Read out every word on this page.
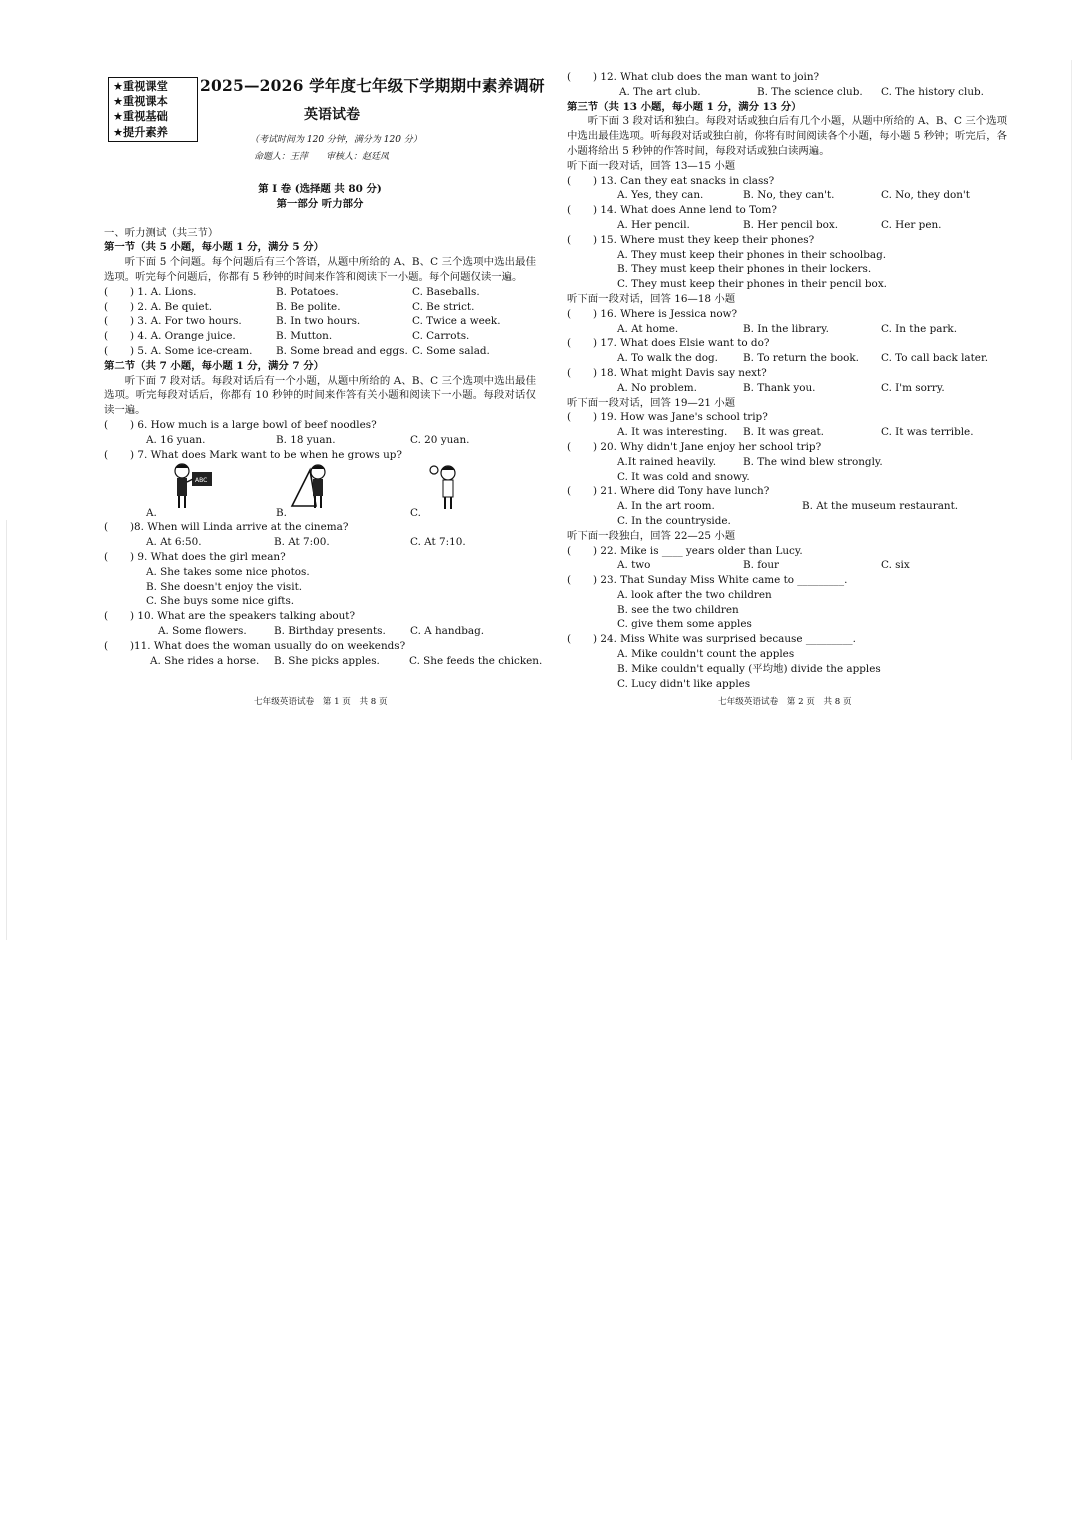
★重视课堂
★重视课本
★重视基础
★提升素养
2025—2026 学年度七年级下学期期中素养调研
英语试卷
（考试时间为 120 分钟，满分为 120 分）
命题人：王萍　　审核人：赵廷凤
第 I 卷 (选择题 共 80 分)
第一部分 听力部分
一、听力测试（共三节）
第一节（共 5 小题，每小题 1 分，满分 5 分）

听下面 5 个问题。每个问题后有三个答语，从题中所给的 A、B、C 三个选项中选出最佳选项。听完每个问题后，你都有 5 秒钟的时间来作答和阅读下一小题。每个问题仅读一遍。

( ) 1. A. Lions.	B. Potatoes.	C. Baseballs.
( ) 2. A. Be quiet.	B. Be polite.	C. Be strict.
( ) 3. A. For two hours.	B. In two hours.	C. Twice a week.
( ) 4. A. Orange juice.	B. Mutton.	C. Carrots.
( ) 5. A. Some ice-cream. B. Some bread and eggs. C. Some salad.
第二节（共 7 小题，每小题 1 分，满分 7 分）

听下面 7 段对话。每段对话后有一个小题，从题中所给的 A、B、C 三个选项中选出最佳选项。听完每段对话后，你都有 10 秒钟的时间来作答有关小题和阅读下一小题。每段对话仅读一遍。

( ) 6. How much is a large bowl of beef noodles?
A. 16 yuan.	B. 18 yuan.	C. 20 yuan.
( ) 7. What does Mark want to be when he grows up?
A.
ABC
B.	C.
( )8. When will Linda arrive at the cinema?
A. At 6:50.	B. At 7:00.	C. At 7:10.
( ) 9. What does the girl mean?
A. She takes some nice photos.
B. She doesn't enjoy the visit.
C. She buys some nice gifts.
( ) 10. What are the speakers talking about?
A. Some flowers.	B. Birthday presents. C. A handbag.
( )11. What does the woman usually do on weekends?
A. She rides a horse. B. She picks apples.	C. She feeds the chicken.
七年级英语试卷　第 1 页　共 8 页
( ) 12. What club does the man want to join?
A. The art club.	B. The science club. C. The history club.
第三节（共 13 小题，每小题 1 分，满分 13 分）

听下面 3 段对话和独白。每段对话或独白后有几个小题，从题中所给的 A、B、C 三个选项中选出最佳选项。听每段对话或独白前，你将有时间阅读各个小题，每小题 5 秒钟；听完后，各小题将给出 5 秒钟的作答时间，每段对话或独白读两遍。

听下面一段对话，回答 13—15 小题
( ) 13. Can they eat snacks in class?
A. Yes, they can.	B. No, they can't.	C. No, they don't
( ) 14. What does Anne lend to Tom?
A. Her pencil.	B. Her pencil box.	C. Her pen.
( ) 15. Where must they keep their phones?
A. They must keep their phones in their schoolbag.
B. They must keep their phones in their lockers.
C. They must keep their phones in their pencil box.
听下面一段对话，回答 16—18 小题
( ) 16. Where is Jessica now?
A. At home.	B. In the library.	C. In the park.
( ) 17. What does Elsie want to do?
A. To walk the dog. B. To return the book. C. To call back later.
( ) 18. What might Davis say next?
A. No problem.	B. Thank you.	C. I'm sorry.
听下面一段对话，回答 19—21 小题
( ) 19. How was Jane's school trip?
A. It was interesting. B. It was great.	C. It was terrible.
( ) 20. Why didn't Jane enjoy her school trip?
A.It rained heavily.	B. The wind blew strongly.
C. It was cold and snowy.
( ) 21. Where did Tony have lunch?
A. In the art room.	B. At the museum restaurant.
C. In the countryside.
听下面一段独白，回答 22—25 小题
( ) 22. Mike is ____ years older than Lucy.
A. two	B. four	C. six
( ) 23. That Sunday Miss White came to _________.
A. look after the two children
B. see the two children
C. give them some apples
( ) 24. Miss White was surprised because _________.
A. Mike couldn't count the apples
B. Mike couldn't equally (平均地) divide the apples
C. Lucy didn't like apples
七年级英语试卷　第 2 页　共 8 页
